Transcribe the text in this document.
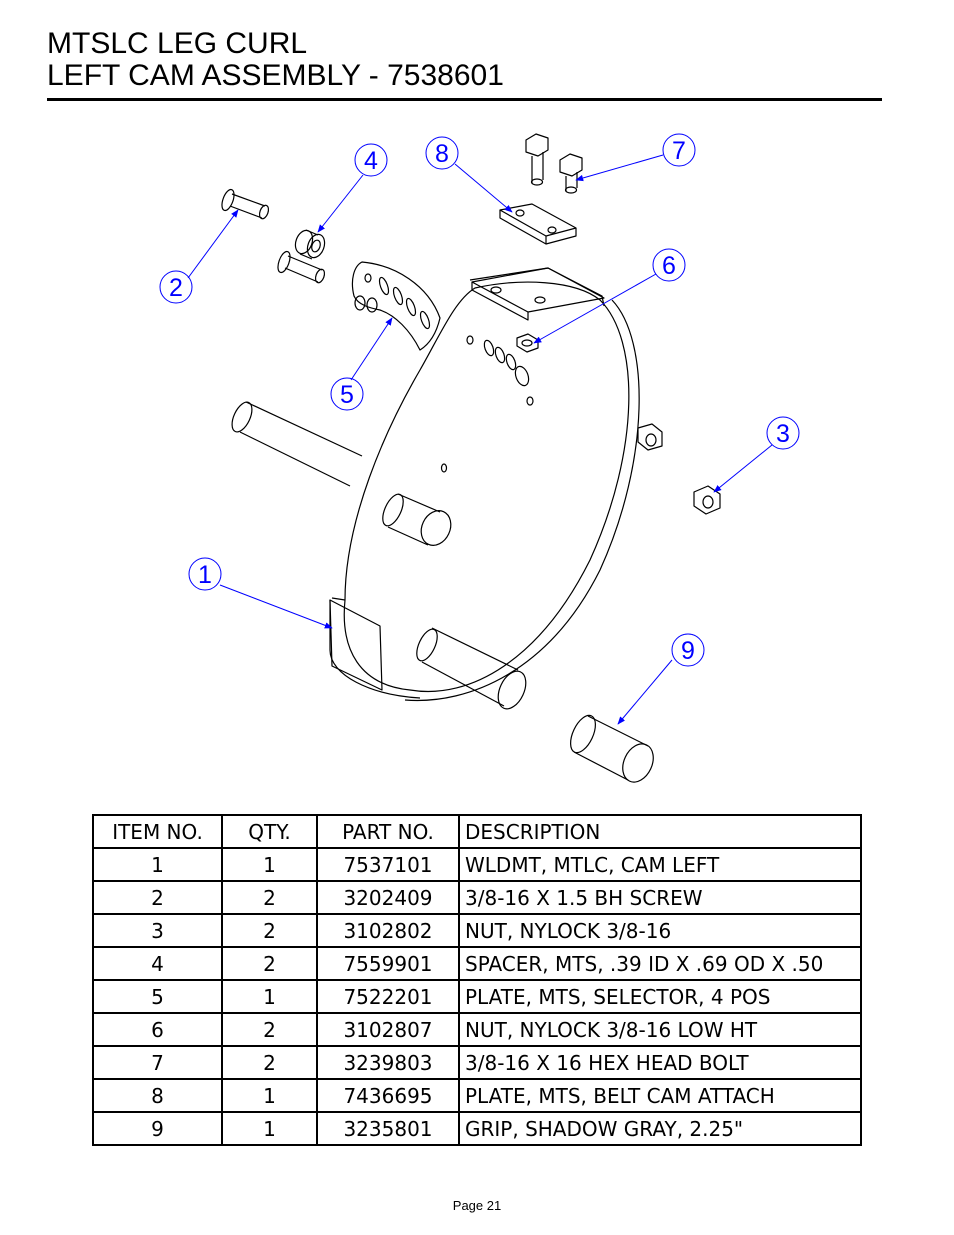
MTSLC LEG CURL
LEFT CAM ASSEMBLY - 7538601
1
2
3
4
5
6
7
8
9
ITEM NO.	QTY.	PART NO.	DESCRIPTION
1	1	7537101	WLDMT, MTLC, CAM LEFT
2	2	3202409	3/8-16 X 1.5 BH SCREW
3	2	3102802	NUT, NYLOCK 3/8-16
4	2	7559901	SPACER, MTS, .39 ID X .69 OD X .50
5	1	7522201	PLATE, MTS, SELECTOR, 4 POS
6	2	3102807	NUT, NYLOCK 3/8-16 LOW HT
7	2	3239803	3/8-16 X 16 HEX HEAD BOLT
8	1	7436695	PLATE, MTS, BELT CAM ATTACH
9	1	3235801	GRIP, SHADOW GRAY, 2.25"
Page 21
